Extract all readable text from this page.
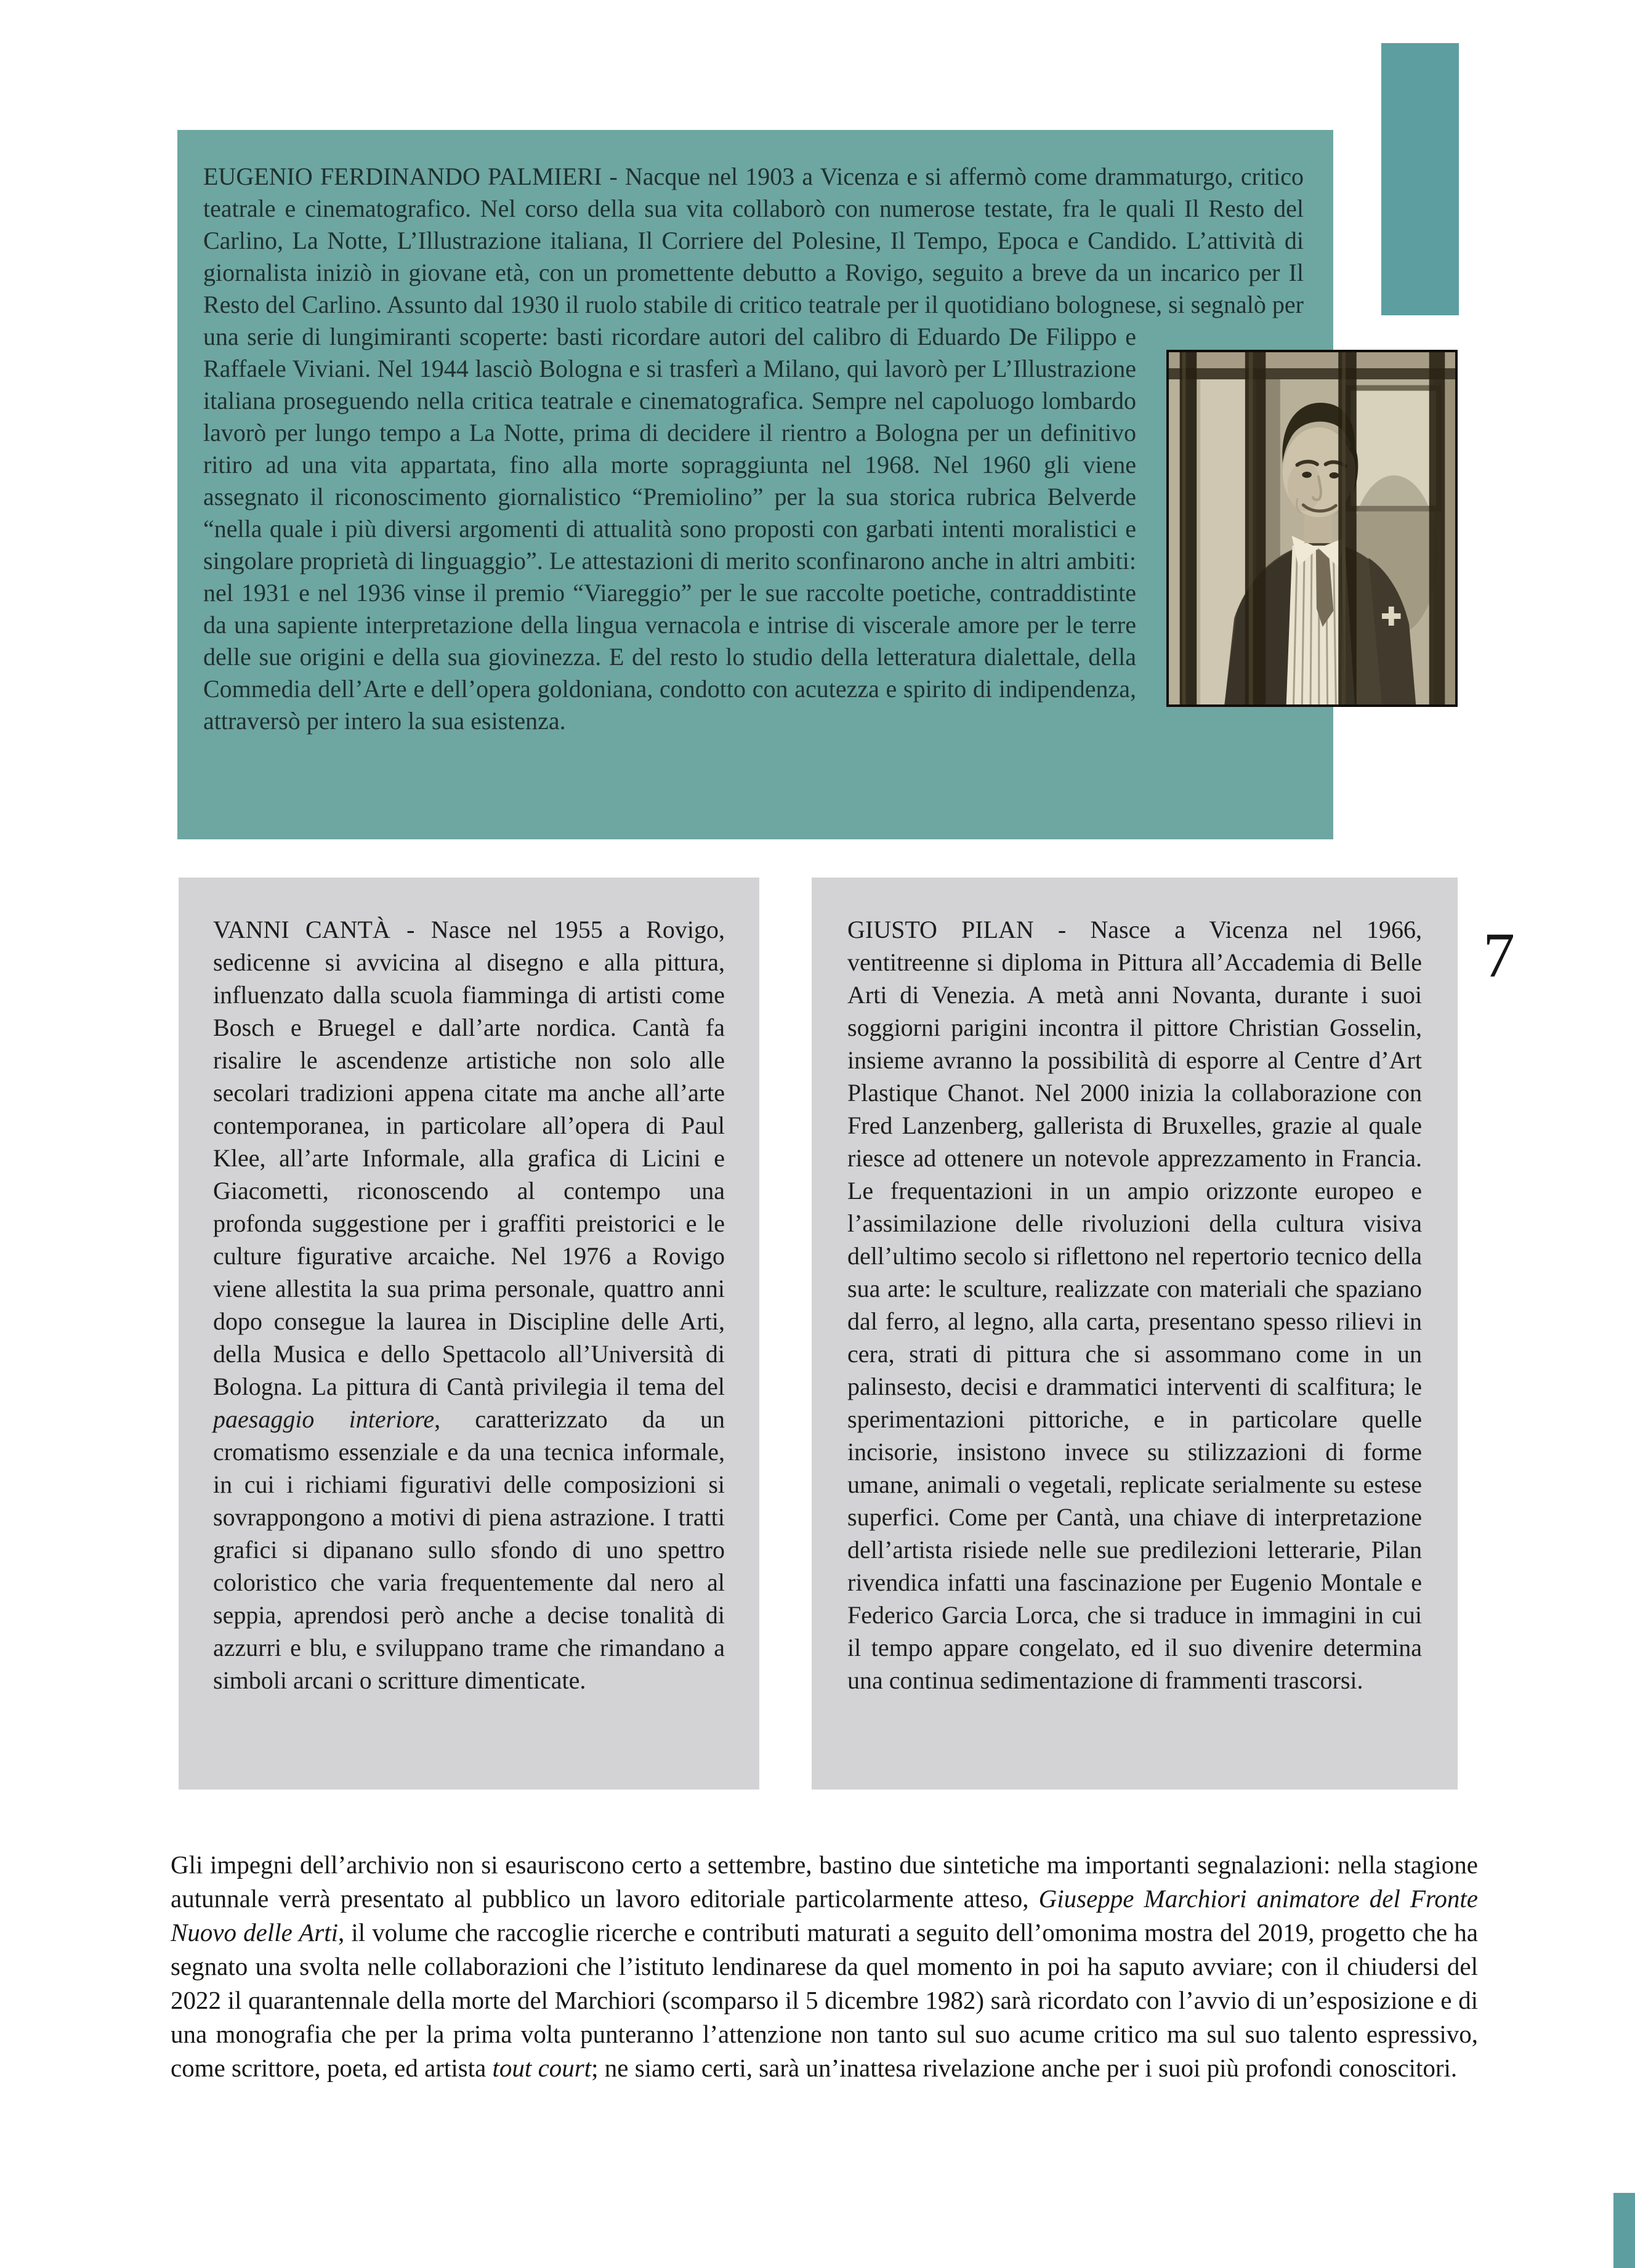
EUGENIO FERDINANDO PALMIERI - Nacque nel 1903 a Vicenza e si affermò come drammaturgo, critico teatrale e cinematografico. Nel corso della sua vita collaborò con numerose testate, fra le quali Il Resto del Carlino, La Notte, L’Illustrazione italiana, Il Corriere del Polesine, Il Tempo, Epoca e Candido. L’attività di giornalista iniziò in giovane età, con un promettente debutto a Rovigo, seguito a breve da un incarico per Il Resto del Carlino. Assunto dal 1930 il ruolo stabile di critico teatrale per il quotidiano bolognese, si segnalò per una serie di lungimiranti scoperte: basti ricordare autori del calibro di Eduardo De Filippo e Raffaele Viviani. Nel 1944 lasciò Bologna e si trasferì a Milano, qui lavorò per L’Illustrazione italiana proseguendo nella critica teatrale e cinematografica. Sempre nel capoluogo lombardo lavorò per lungo tempo a La Notte, prima di decidere il rientro a Bologna per un definitivo ritiro ad una vita appartata, fino alla morte sopraggiunta nel 1968. Nel 1960 gli viene assegnato il riconoscimento giornalistico “Premiolino” per la sua storica rubrica Belverde “nella quale i più diversi argomenti di attualità sono proposti con garbati intenti moralistici e singolare proprietà di linguaggio”. Le attestazioni di merito sconfinarono anche in altri ambiti: nel 1931 e nel 1936 vinse il premio “Viareggio” per le sue raccolte poetiche, contraddistinte da una sapiente interpretazione della lingua vernacola e intrise di viscerale amore per le terre delle sue origini e della sua giovinezza. E del resto lo studio della letteratura dialettale, della Commedia dell’Arte e dell’opera goldoniana, condotto con acutezza e spirito di indipendenza, attraversò per intero la sua esistenza.
VANNI CANTÀ - Nasce nel 1955 a Rovigo, sedicenne si avvicina al disegno e alla pittura, influenzato dalla scuola fiamminga di artisti come Bosch e Bruegel e dall’arte nordica. Cantà fa risalire le ascendenze artistiche non solo alle secolari tradizioni appena citate ma anche all’arte contemporanea, in particolare all’opera di Paul Klee, all’arte Informale, alla grafica di Licini e Giacometti, riconoscendo al contempo una profonda suggestione per i graffiti preistorici e le culture figurative arcaiche. Nel 1976 a Rovigo viene allestita la sua prima personale, quattro anni dopo consegue la laurea in Discipline delle Arti, della Musica e dello Spettacolo all’Università di Bologna. La pittura di Cantà privilegia il tema del paesaggio interiore, caratterizzato da un cromatismo essenziale e da una tecnica informale, in cui i richiami figurativi delle composizioni si sovrappongono a motivi di piena astrazione. I tratti grafici si dipanano sullo sfondo di uno spettro coloristico che varia frequentemente dal nero al seppia, aprendosi però anche a decise tonalità di azzurri e blu, e sviluppano trame che rimandano a simboli arcani o scritture dimenticate.
GIUSTO PILAN - Nasce a Vicenza nel 1966, ventitreenne si diploma in Pittura all’Accademia di Belle Arti di Venezia. A metà anni Novanta, durante i suoi soggiorni parigini incontra il pittore Christian Gosselin, insieme avranno la possibilità di esporre al Centre d’Art Plastique Chanot. Nel 2000 inizia la collaborazione con Fred Lanzenberg, gallerista di Bruxelles, grazie al quale riesce ad ottenere un notevole apprezzamento in Francia. Le frequentazioni in un ampio orizzonte europeo e l’assimilazione delle rivoluzioni della cultura visiva dell’ultimo secolo si riflettono nel repertorio tecnico della sua arte: le sculture, realizzate con materiali che spaziano dal ferro, al legno, alla carta, presentano spesso rilievi in cera, strati di pittura che si assommano come in un palinsesto, decisi e drammatici interventi di scalfitura; le sperimentazioni pittoriche, e in particolare quelle incisorie, insistono invece su stilizzazioni di forme umane, animali o vegetali, replicate serialmente su estese superfici. Come per Cantà, una chiave di interpretazione dell’artista risiede nelle sue predilezioni letterarie, Pilan rivendica infatti una fascinazione per Eugenio Montale e Federico Garcia Lorca, che si traduce in immagini in cui il tempo appare congelato, ed il suo divenire determina una continua sedimentazione di frammenti trascorsi.
7
Gli impegni dell’archivio non si esauriscono certo a settembre, bastino due sintetiche ma importanti segnalazioni: nella stagione autunnale verrà presentato al pubblico un lavoro editoriale particolarmente atteso, Giuseppe Marchiori animatore del Fronte Nuovo delle Arti, il volume che raccoglie ricerche e contributi maturati a seguito dell’omonima mostra del 2019, progetto che ha segnato una svolta nelle collaborazioni che l’istituto lendinarese da quel momento in poi ha saputo avviare; con il chiudersi del 2022 il quarantennale della morte del Marchiori (scomparso il 5 dicembre 1982) sarà ricordato con l’avvio di un’esposizione e di una monografia che per la prima volta punteranno l’attenzione non tanto sul suo acume critico ma sul suo talento espressivo, come scrittore, poeta, ed artista tout court; ne siamo certi, sarà un’inattesa rivelazione anche per i suoi più profondi conoscitori.
